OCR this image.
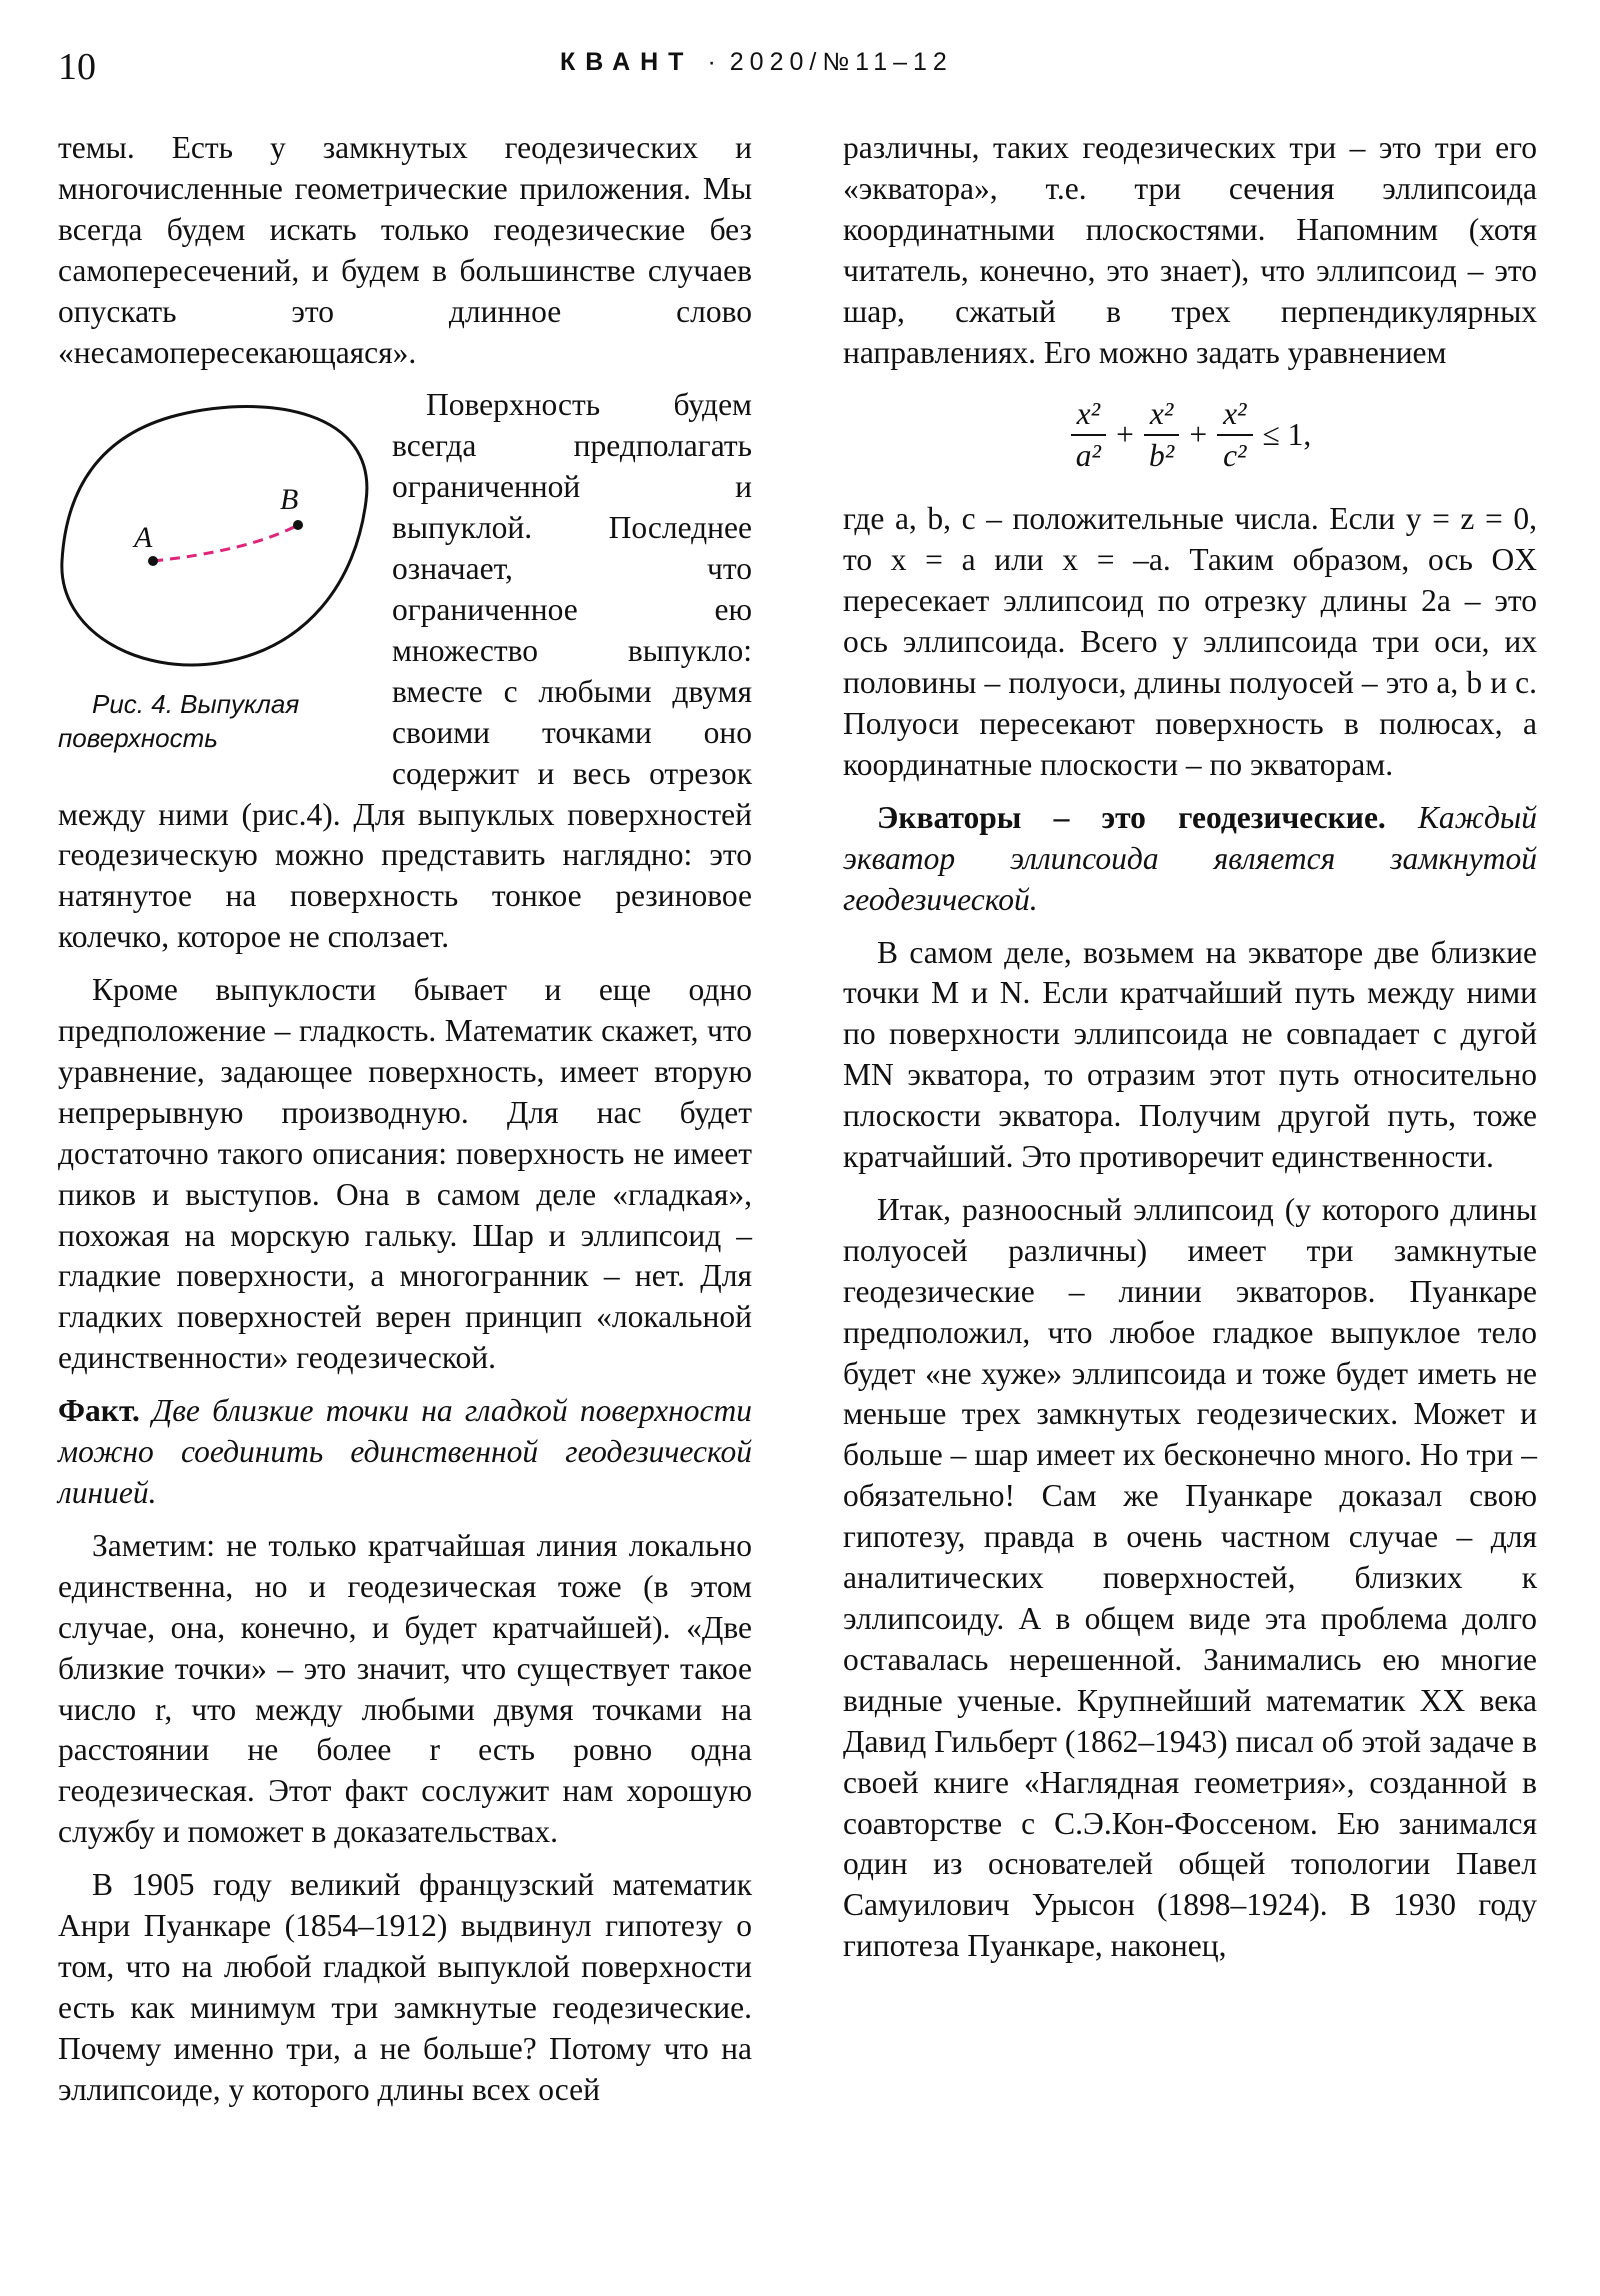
10	КВАНТ · 2020/№11–12

темы. Есть у замкнутых геодезических и многочисленные геометрические приложения. Мы всегда будем искать только геодезические без самопересечений, и будем в большинстве случаев опускать это длинное слово «несамопересекающаяся».

A
B
Рис. 4. Выпуклая поверхность
Поверхность будем всегда предполагать ограниченной и выпуклой. Последнее означает, что ограниченное ею множество выпукло: вместе с любыми двумя своими точками оно содержит и весь отрезок между ними (рис.4). Для выпуклых поверхностей геодезическую можно представить наглядно: это натянутое на поверхность тонкое резиновое колечко, которое не сползает.

Кроме выпуклости бывает и еще одно предположение – гладкость. Математик скажет, что уравнение, задающее поверхность, имеет вторую непрерывную производную. Для нас будет достаточно такого описания: поверхность не имеет пиков и выступов. Она в самом деле «гладкая», похожая на морскую гальку. Шар и эллипсоид – гладкие поверхности, а многогранник – нет. Для гладких поверхностей верен принцип «локальной единственности» геодезической.

Факт. Две близкие точки на гладкой поверхности можно соединить единственной геодезической линией.

Заметим: не только кратчайшая линия локально единственна, но и геодезическая тоже (в этом случае, она, конечно, и будет кратчайшей). «Две близкие точки» – это значит, что существует такое число r, что между любыми двумя точками на расстоянии не более r есть ровно одна геодезическая. Этот факт сослужит нам хорошую службу и поможет в доказательствах.

В 1905 году великий французский математик Анри Пуанкаре (1854–1912) выдвинул гипотезу о том, что на любой гладкой выпуклой поверхности есть как минимум три замкнутые геодезические. Почему именно три, а не больше? Потому что на эллипсоиде, у которого длины всех осей

различны, таких геодезических три – это три его «экватора», т.е. три сечения эллипсоида координатными плоскостями. Напомним (хотя читатель, конечно, это знает), что эллипсоид – это шар, сжатый в трех перпендикулярных направлениях. Его можно задать уравнением

$\frac{\text{x²}}{\text{a²}} + \frac{\text{x²}}{\text{b²}} + \frac{\text{x²}}{\text{c²}} \le 1$,

где a, b, c – положительные числа. Если y = z = 0, то x = a или x = –a. Таким образом, ось OX пересекает эллипсоид по отрезку длины 2a – это ось эллипсоида. Всего у эллипсоида три оси, их половины – полуоси, длины полуосей – это a, b и c. Полуоси пересекают поверхность в полюсах, а координатные плоскости – по экваторам.

Экваторы – это геодезические. Каждый экватор эллипсоида является замкнутой геодезической.

В самом деле, возьмем на экваторе две близкие точки M и N. Если кратчайший путь между ними по поверхности эллипсоида не совпадает с дугой MN экватора, то отразим этот путь относительно плоскости экватора. Получим другой путь, тоже кратчайший. Это противоречит единственности.

Итак, разноосный эллипсоид (у которого длины полуосей различны) имеет три замкнутые геодезические – линии экваторов. Пуанкаре предположил, что любое гладкое выпуклое тело будет «не хуже» эллипсоида и тоже будет иметь не меньше трех замкнутых геодезических. Может и больше – шар имеет их бесконечно много. Но три – обязательно! Сам же Пуанкаре доказал свою гипотезу, правда в очень частном случае – для аналитических поверхностей, близких к эллипсоиду. А в общем виде эта проблема долго оставалась нерешенной. Занимались ею многие видные ученые. Крупнейший математик XX века Давид Гильберт (1862–1943) писал об этой задаче в своей книге «Наглядная геометрия», созданной в соавторстве с С.Э.Кон-Фоссеном. Ею занимался один из основателей общей топологии Павел Самуилович Урысон (1898–1924). В 1930 году гипотеза Пуанкаре, наконец,
